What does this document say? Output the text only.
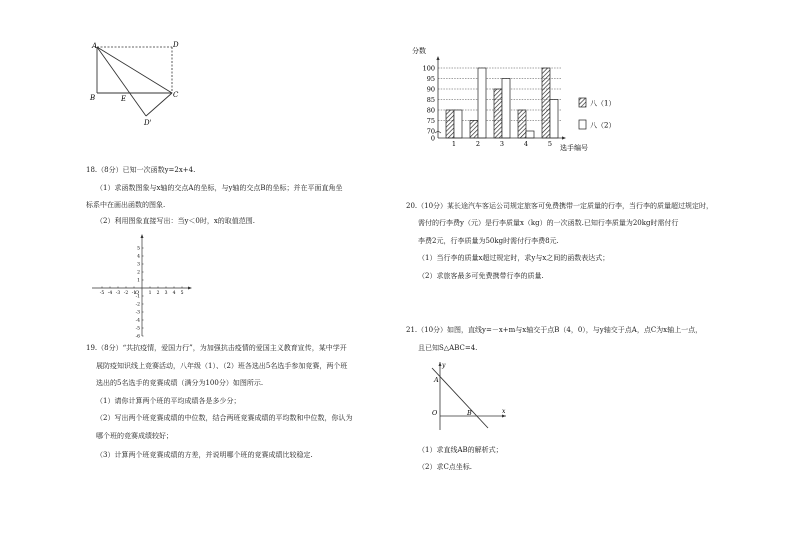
A	D
B	E	C
D'
分数
100
95
90
85
80
75
70
0
1	2	3	4	5 选手编号
八（1）
八（2）
18.（8分）已知一次函数y=2x+4.
（1）求函数图象与x轴的交点A的坐标，与y轴的交点B的坐标；并在平面直角坐
标系中在画出函数的图象.
（2）利用图象直接写出：当y＜0时，x的取值范围.
-5 -4 -3 -2 -1	1 2 3 4 5
5
4
3
2
1
-1
-2
-3
-4
-5
-6
O
19.（8分）“共抗疫情，爱国力行”，为加强抗击疫情的爱国主义教育宣传，某中学开
展防疫知识线上竞赛活动，八年级（1）、（2）班各选出5名选手参加竞赛，两个班
选出的5名选手的竞赛成绩（满分为100分）如图所示.
（1）请你计算两个班的平均成绩各是多少分；
（2）写出两个班竞赛成绩的中位数，结合两班竞赛成绩的平均数和中位数，你认为
哪个班的竞赛成绩较好；
（3）计算两个班竞赛成绩的方差，并说明哪个班的竞赛成绩比较稳定.
20.（10分）某长途汽车客运公司规定旅客可免费携带一定质量的行李，当行李的质量超过规定时，
需付的行李费y（元）是行李质量x（kg）的一次函数.已知行李质量为20kg时需付行
李费2元，行李质量为50kg时需付行李费8元.
（1）当行李的质量x超过规定时，求y与x之间的函数表达式；
（2）求旅客最多可免费携带行李的质量.
21.（10分）如图，直线y=－x+m与x轴交于点B（4，0），与y轴交于点A，点C为x轴上一点，
且已知S△ABC=4.
y
x
A
O	B
（1）求直线AB的解析式；
（2）求C点坐标.
